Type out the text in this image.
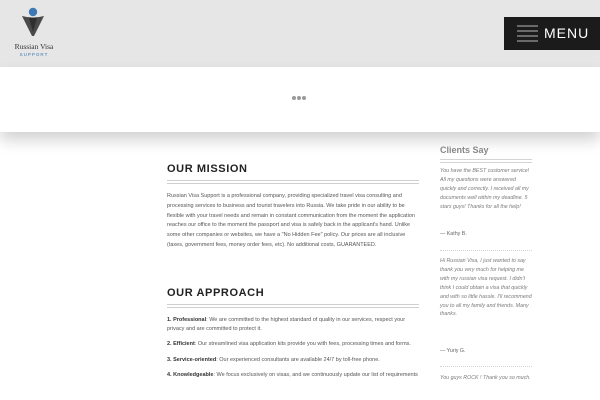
Russian Visa
SUPPORT
MENU
OUR MISSION

Russian Visa Support is a professional company, providing specialized travel visa consulting and processing services to business and tourist travelers into Russia. We take pride in our ability to be flexible with your travel needs and remain in constant communication from the moment the application reaches our office to the moment the passport and visa is safely back in the applicant's hand. Unlike some other companies or websites, we have a "No Hidden Fee" policy. Our prices are all inclusive (taxes, government fees, money order fees, etc). No additional costs, GUARANTEED.

OUR APPROACH

1. Professional: We are committed to the highest standard of quality in our services, respect your privacy and are committed to protect it.

2. Efficient: Our streamlined visa application kits provide you with fees, processing times and forms.

3. Service-oriented: Our experienced consultants are available 24/7 by toll-free phone.

4. Knowledgeable: We focus exclusively on visas, and we continuously update our list of requirements

Clients Say
You have the BEST customer service! All my questions were answered quickly and correctly. I received all my documents well within my deadline. 5 stars guys! Thanks for all the help!
— Kathy B.
Hi Russian Visa, I just wanted to say thank you very much for helping me with my russian visa request. I didn't think I could obtain a visa that quickly and with so little hassle. I'll recommend you to all my family and friends. Many thanks.
— Yuriy G.
You guys ROCK ! Thank you so much.
